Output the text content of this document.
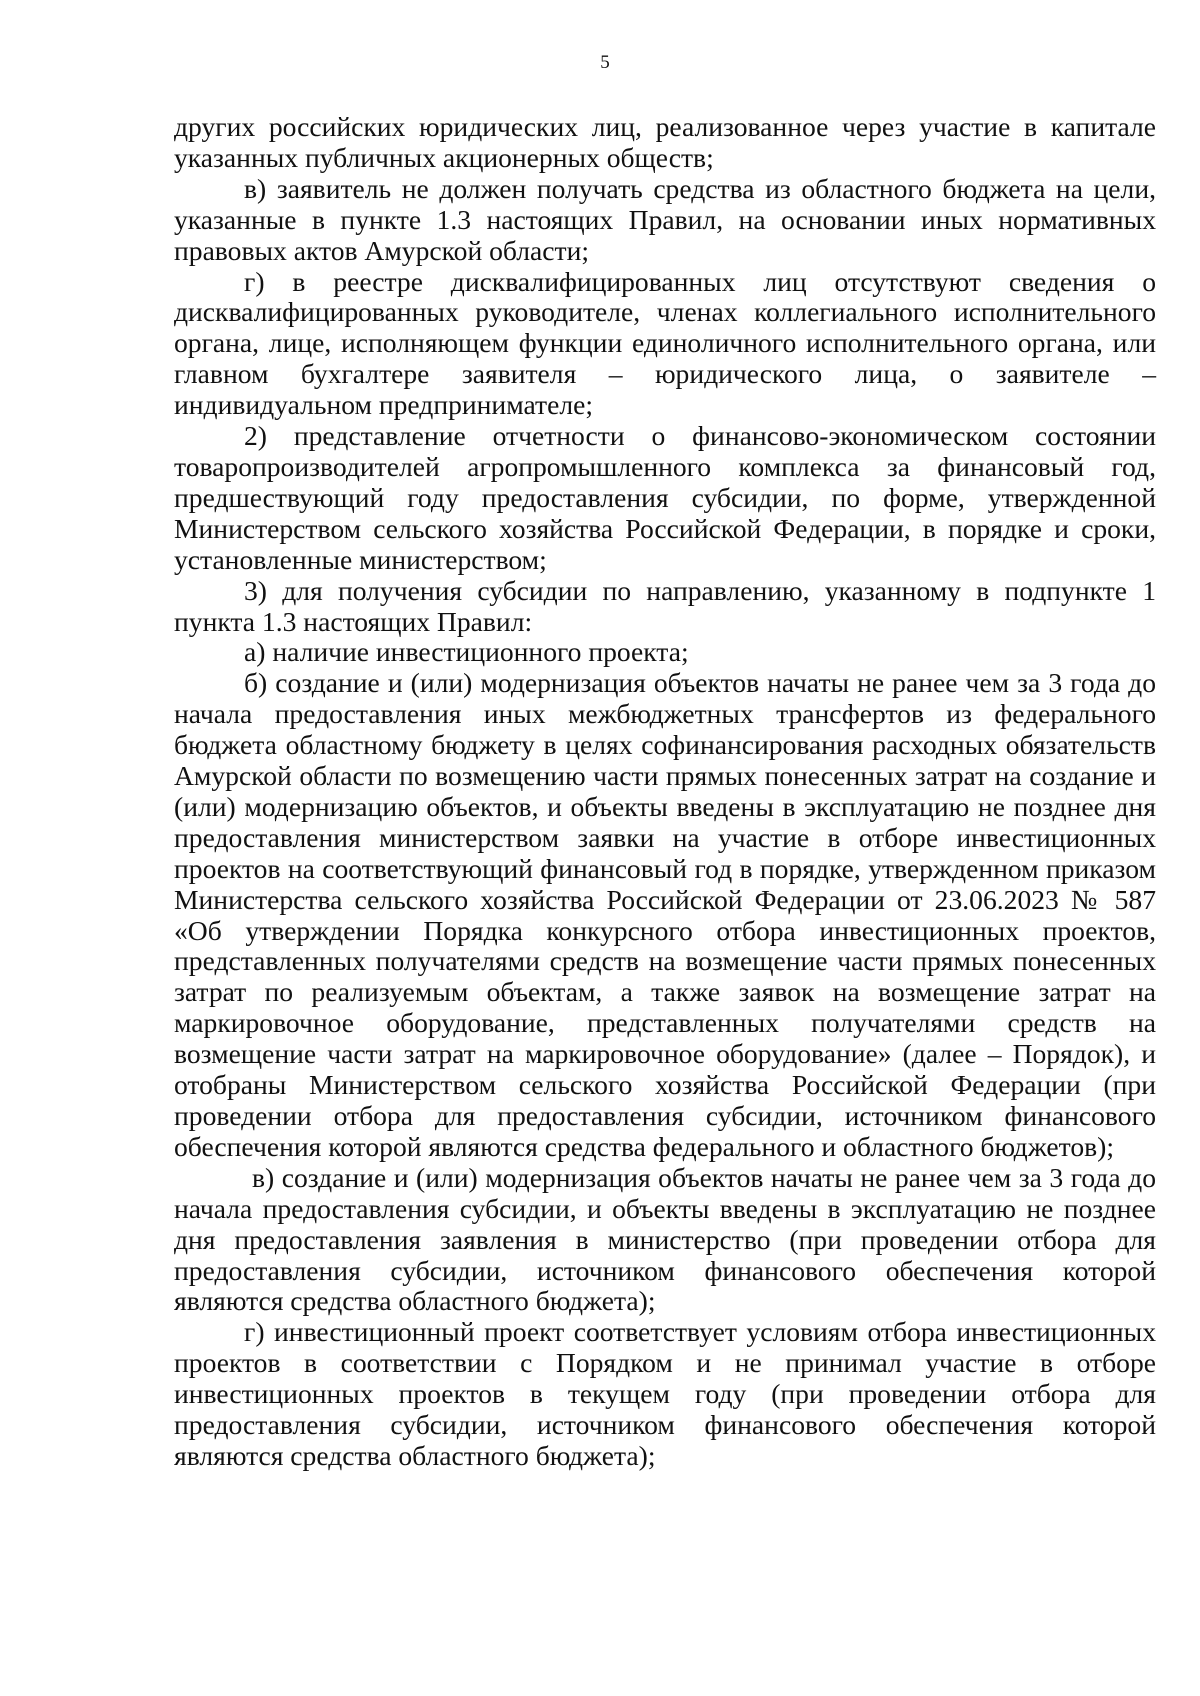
5

других российских юридических лиц, реализованное через участие в капитале указанных публичных акционерных обществ;

в) заявитель не должен получать средства из областного бюджета на цели, указанные в пункте 1.3 настоящих Правил, на основании иных нормативных правовых актов Амурской области;

г) в реестре дисквалифицированных лиц отсутствуют сведения о дисквалифицированных руководителе, членах коллегиального исполнительного органа, лице, исполняющем функции единоличного исполнительного органа, или главном бухгалтере заявителя – юридического лица, о заявителе – индивидуальном предпринимателе;

2) представление отчетности о финансово-экономическом состоянии товаропроизводителей агропромышленного комплекса за финансовый год, предшествующий году предоставления субсидии, по форме, утвержденной Министерством сельского хозяйства Российской Федерации, в порядке и сроки, установленные министерством;

3) для получения субсидии по направлению, указанному в подпункте 1 пункта 1.3 настоящих Правил:

а) наличие инвестиционного проекта;

б) создание и (или) модернизация объектов начаты не ранее чем за 3 года до начала предоставления иных межбюджетных трансфертов из федерального бюджета областному бюджету в целях софинансирования расходных обязательств Амурской области по возмещению части прямых понесенных затрат на создание и (или) модернизацию объектов, и объекты введены в эксплуатацию не позднее дня предоставления министерством заявки на участие в отборе инвестиционных проектов на соответствующий финансовый год в порядке, утвержденном приказом Министерства сельского хозяйства Российской Федерации от 23.06.2023 № 587 «Об утверждении Порядка конкурсного отбора инвестиционных проектов, представленных получателями средств на возмещение части прямых понесенных затрат по реализуемым объектам, а также заявок на возмещение затрат на маркировочное оборудование, представленных получателями средств на возмещение части затрат на маркировочное оборудование» (далее – Порядок), и отобраны Министерством сельского хозяйства Российской Федерации (при проведении отбора для предоставления субсидии, источником финансового обеспечения которой являются средства федерального и областного бюджетов);

в) создание и (или) модернизация объектов начаты не ранее чем за 3 года до начала предоставления субсидии, и объекты введены в эксплуатацию не позднее дня предоставления заявления в министерство (при проведении отбора для предоставления субсидии, источником финансового обеспечения которой являются средства областного бюджета);

г) инвестиционный проект соответствует условиям отбора инвестиционных проектов в соответствии с Порядком и не принимал участие в отборе инвестиционных проектов в текущем году (при проведении отбора для предоставления субсидии, источником финансового обеспечения которой являются средства областного бюджета);
